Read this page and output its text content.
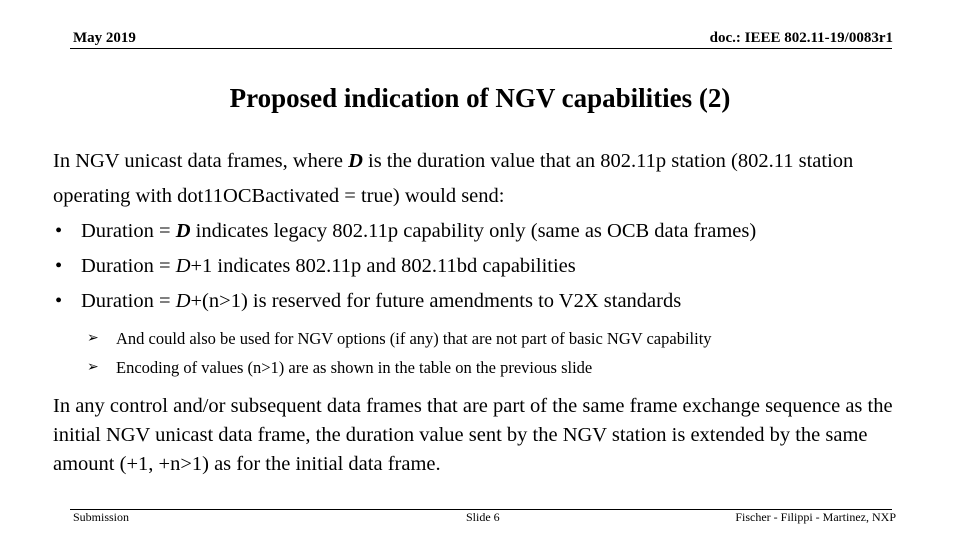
May 2019	doc.: IEEE 802.11-19/0083r1
Proposed indication of NGV capabilities (2)

In NGV unicast data frames, where D is the duration value that an 802.11p station (802.11 station operating with dot11OCBactivated = true) would send:

• Duration = D indicates legacy 802.11p capability only (same as OCB data frames)
• Duration = D+1 indicates 802.11p and 802.11bd capabilities
• Duration = D+(n>1) is reserved for future amendments to V2X standards
➢ And could also be used for NGV options (if any) that are not part of basic NGV capability
➢ Encoding of values (n>1) are as shown in the table on the previous slide

In any control and/or subsequent data frames that are part of the same frame exchange sequence as the initial NGV unicast data frame, the duration value sent by the NGV station is extended by the same amount (+1, +n>1) as for the initial data frame.

Submission	Slide 6	Fischer - Filippi - Martinez, NXP
